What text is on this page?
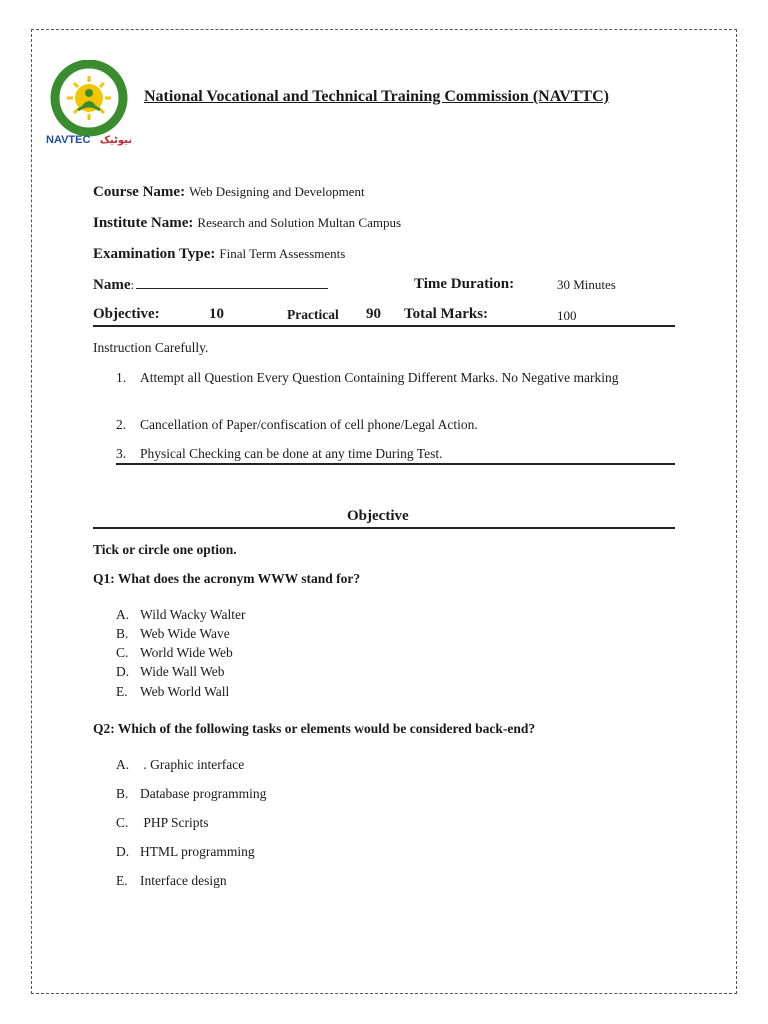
NAVTEC نیوٹیک
National Vocational and Technical Training Commission (NAVTTC)
Course Name: Web Designing and Development
Institute Name: Research and Solution Multan Campus
Examination Type: Final Term Assessments
Name:	Time Duration:	30 Minutes
Objective:	10	Practical 90 Total Marks:	100
Instruction Carefully.
1. Attempt all Question Every Question Containing Different Marks. No Negative marking
2. Cancellation of Paper/confiscation of cell phone/Legal Action.
3. Physical Checking can be done at any time During Test.
Objective
Tick or circle one option.
Q1: What does the acronym WWW stand for?
A. Wild Wacky Walter
B. Web Wide Wave
C. World Wide Web
D. Wide Wall Web
E. Web World Wall
Q2: Which of the following tasks or elements would be considered back-end?
A. . Graphic interface
B. Database programming
C. PHP Scripts
D. HTML programming
E. Interface design
